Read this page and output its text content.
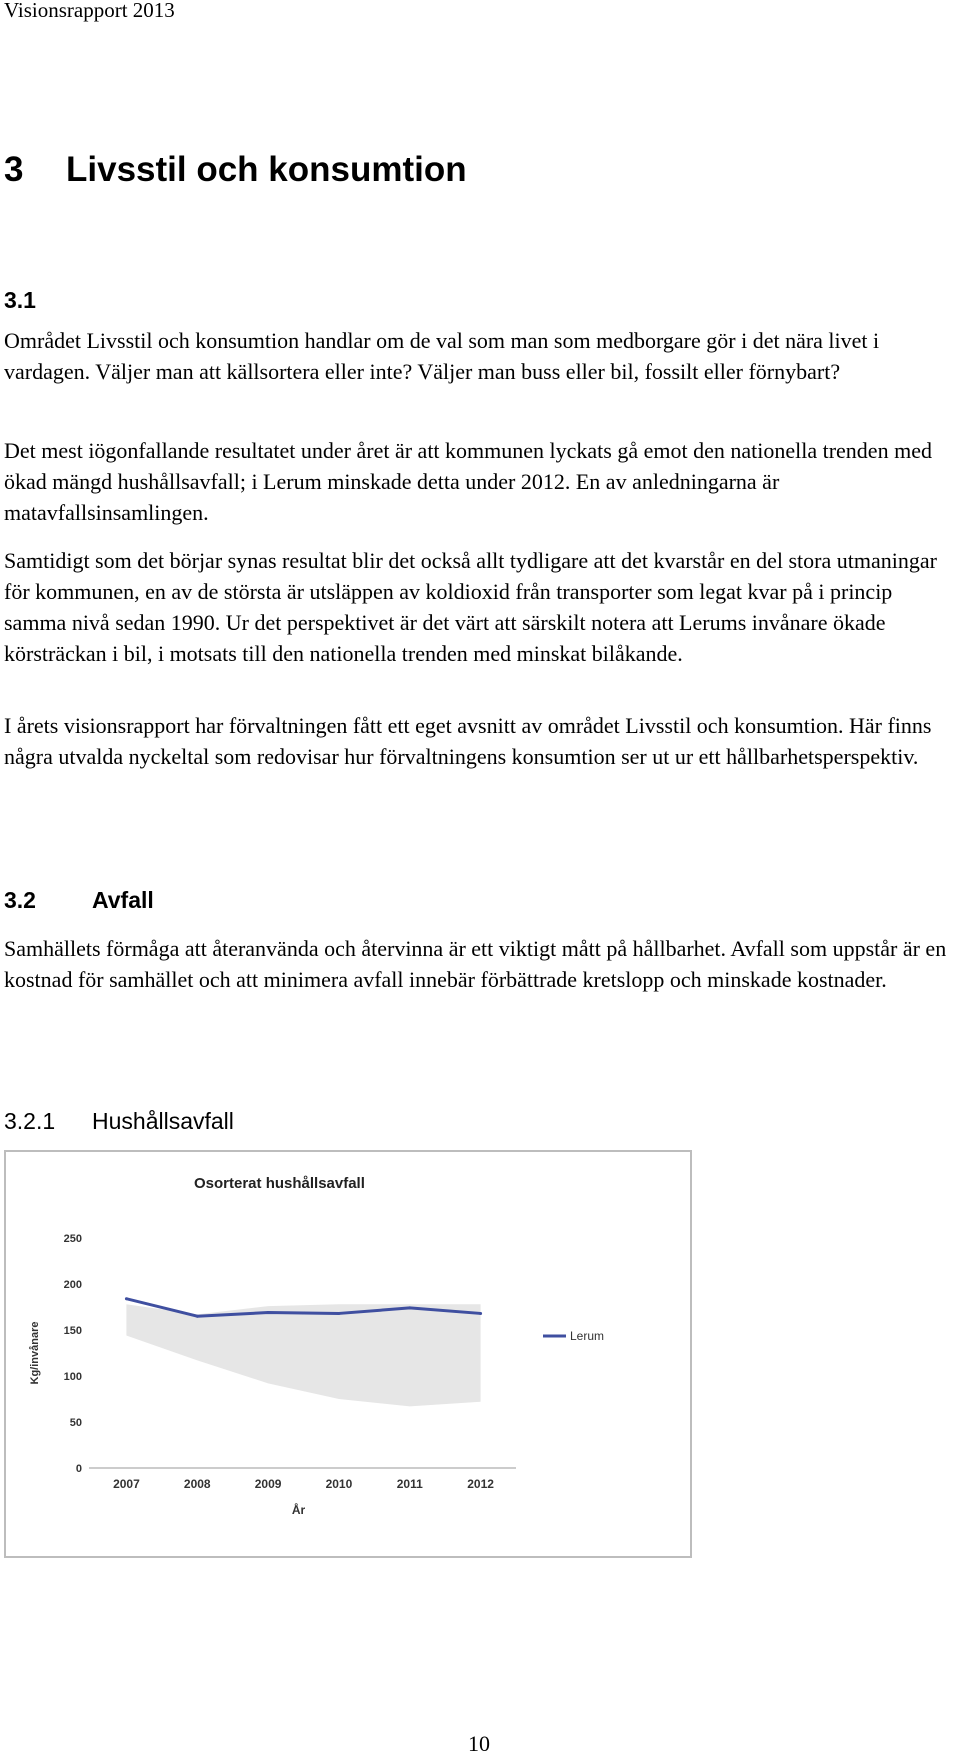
Visionsrapport 2013
3 Livsstil och konsumtion
3.1

Området Livsstil och konsumtion handlar om de val som man som medborgare gör i det nära livet i vardagen. Väljer man att källsortera eller inte? Väljer man buss eller bil, fossilt eller förnybart?

Det mest iögonfallande resultatet under året är att kommunen lyckats gå emot den nationella trenden med ökad mängd hushållsavfall; i Lerum minskade detta under 2012. En av anledningarna är matavfallsinsamlingen.

Samtidigt som det börjar synas resultat blir det också allt tydligare att det kvarstår en del stora utmaningar för kommunen, en av de största är utsläppen av koldioxid från transporter som legat kvar på i princip samma nivå sedan 1990. Ur det perspektivet är det värt att särskilt notera att Lerums invånare ökade körsträckan i bil, i motsats till den nationella trenden med minskat bilåkande.

I årets visionsrapport har förvaltningen fått ett eget avsnitt av området Livsstil och konsumtion. Här finns några utvalda nyckeltal som redovisar hur förvaltningens konsumtion ser ut ur ett hållbarhetsperspektiv.

3.2 Avfall

Samhällets förmåga att återanvända och återvinna är ett viktigt mått på hållbarhet. Avfall som uppstår är en kostnad för samhället och att minimera avfall innebär förbättrade kretslopp och minskade kostnader.

3.2.1 Hushållsavfall
Osorterat hushållsavfall
0
50
100
150
200
250
2007	2008	2009	2010	2011	2012
År
Kg/invånare	Lerum
10
